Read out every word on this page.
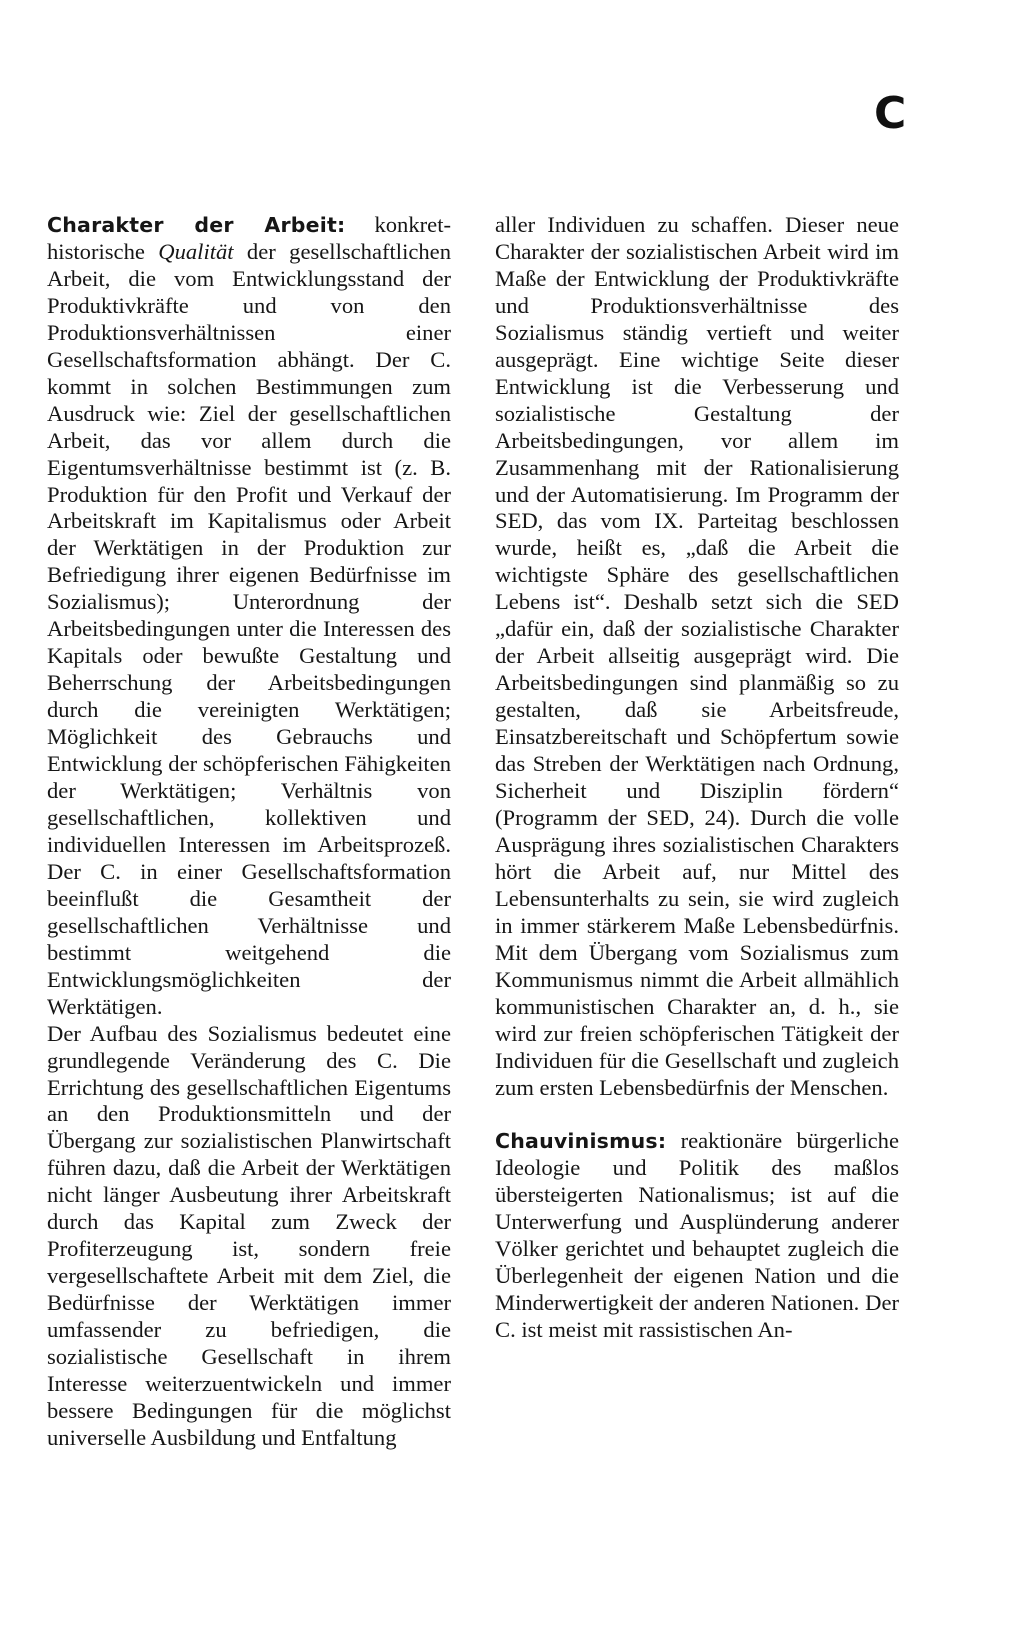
C

Charakter der Arbeit: konkret-historische Qualität der gesellschaftlichen Arbeit, die vom Entwicklungsstand der Produktivkräfte und von den Produktionsverhältnissen einer Gesellschaftsformation abhängt. Der C. kommt in solchen Bestimmungen zum Ausdruck wie: Ziel der gesellschaftlichen Arbeit, das vor allem durch die Eigentumsverhältnisse bestimmt ist (z. B. Produktion für den Profit und Verkauf der Arbeitskraft im Kapitalismus oder Arbeit der Werktätigen in der Produktion zur Befriedigung ihrer eigenen Bedürfnisse im Sozialismus); Unterordnung der Arbeitsbedingungen unter die Interessen des Kapitals oder bewußte Gestaltung und Beherrschung der Arbeitsbedingungen durch die vereinigten Werktätigen; Möglichkeit des Gebrauchs und Entwicklung der schöpferischen Fähigkeiten der Werktätigen; Verhältnis von gesellschaftlichen, kollektiven und individuellen Interessen im Arbeitsprozeß. Der C. in einer Gesellschaftsformation beeinflußt die Gesamtheit der gesellschaftlichen Verhältnisse und bestimmt weitgehend die Entwicklungsmöglichkeiten der Werktätigen.

Der Aufbau des Sozialismus bedeutet eine grundlegende Veränderung des C. Die Errichtung des gesellschaftlichen Eigentums an den Produktionsmitteln und der Übergang zur sozialistischen Planwirtschaft führen dazu, daß die Arbeit der Werktätigen nicht länger Ausbeutung ihrer Arbeitskraft durch das Kapital zum Zweck der Profiterzeugung ist, sondern freie vergesellschaftete Arbeit mit dem Ziel, die Bedürfnisse der Werktätigen immer umfassender zu befriedigen, die sozialistische Gesellschaft in ihrem Interesse weiterzuentwickeln und immer bessere Bedingungen für die möglichst universelle Ausbildung und Entfaltung

aller Individuen zu schaffen. Dieser neue Charakter der sozialistischen Arbeit wird im Maße der Entwicklung der Produktivkräfte und Produktionsverhältnisse des Sozialismus ständig vertieft und weiter ausgeprägt. Eine wichtige Seite dieser Entwicklung ist die Verbesserung und sozialistische Gestaltung der Arbeitsbedingungen, vor allem im Zusammenhang mit der Rationalisierung und der Automatisierung. Im Programm der SED, das vom IX. Parteitag beschlossen wurde, heißt es, „daß die Arbeit die wichtigste Sphäre des gesellschaftlichen Lebens ist“. Deshalb setzt sich die SED „dafür ein, daß der sozialistische Charakter der Arbeit allseitig ausgeprägt wird. Die Arbeitsbedingungen sind planmäßig so zu gestalten, daß sie Arbeitsfreude, Einsatzbereitschaft und Schöpfertum sowie das Streben der Werktätigen nach Ordnung, Sicherheit und Disziplin fördern“ (Programm der SED, 24). Durch die volle Ausprägung ihres sozialistischen Charakters hört die Arbeit auf, nur Mittel des Lebensunterhalts zu sein, sie wird zugleich in immer stärkerem Maße Lebensbedürfnis. Mit dem Übergang vom Sozialismus zum Kommunismus nimmt die Arbeit allmählich kommunistischen Charakter an, d. h., sie wird zur freien schöpferischen Tätigkeit der Individuen für die Gesellschaft und zugleich zum ersten Lebensbedürfnis der Menschen.

Chauvinismus: reaktionäre bürgerliche Ideologie und Politik des maßlos übersteigerten Nationalismus; ist auf die Unterwerfung und Ausplünderung anderer Völker gerichtet und behauptet zugleich die Überlegenheit der eigenen Nation und die Minderwertigkeit der anderen Nationen. Der C. ist meist mit rassistischen An-
